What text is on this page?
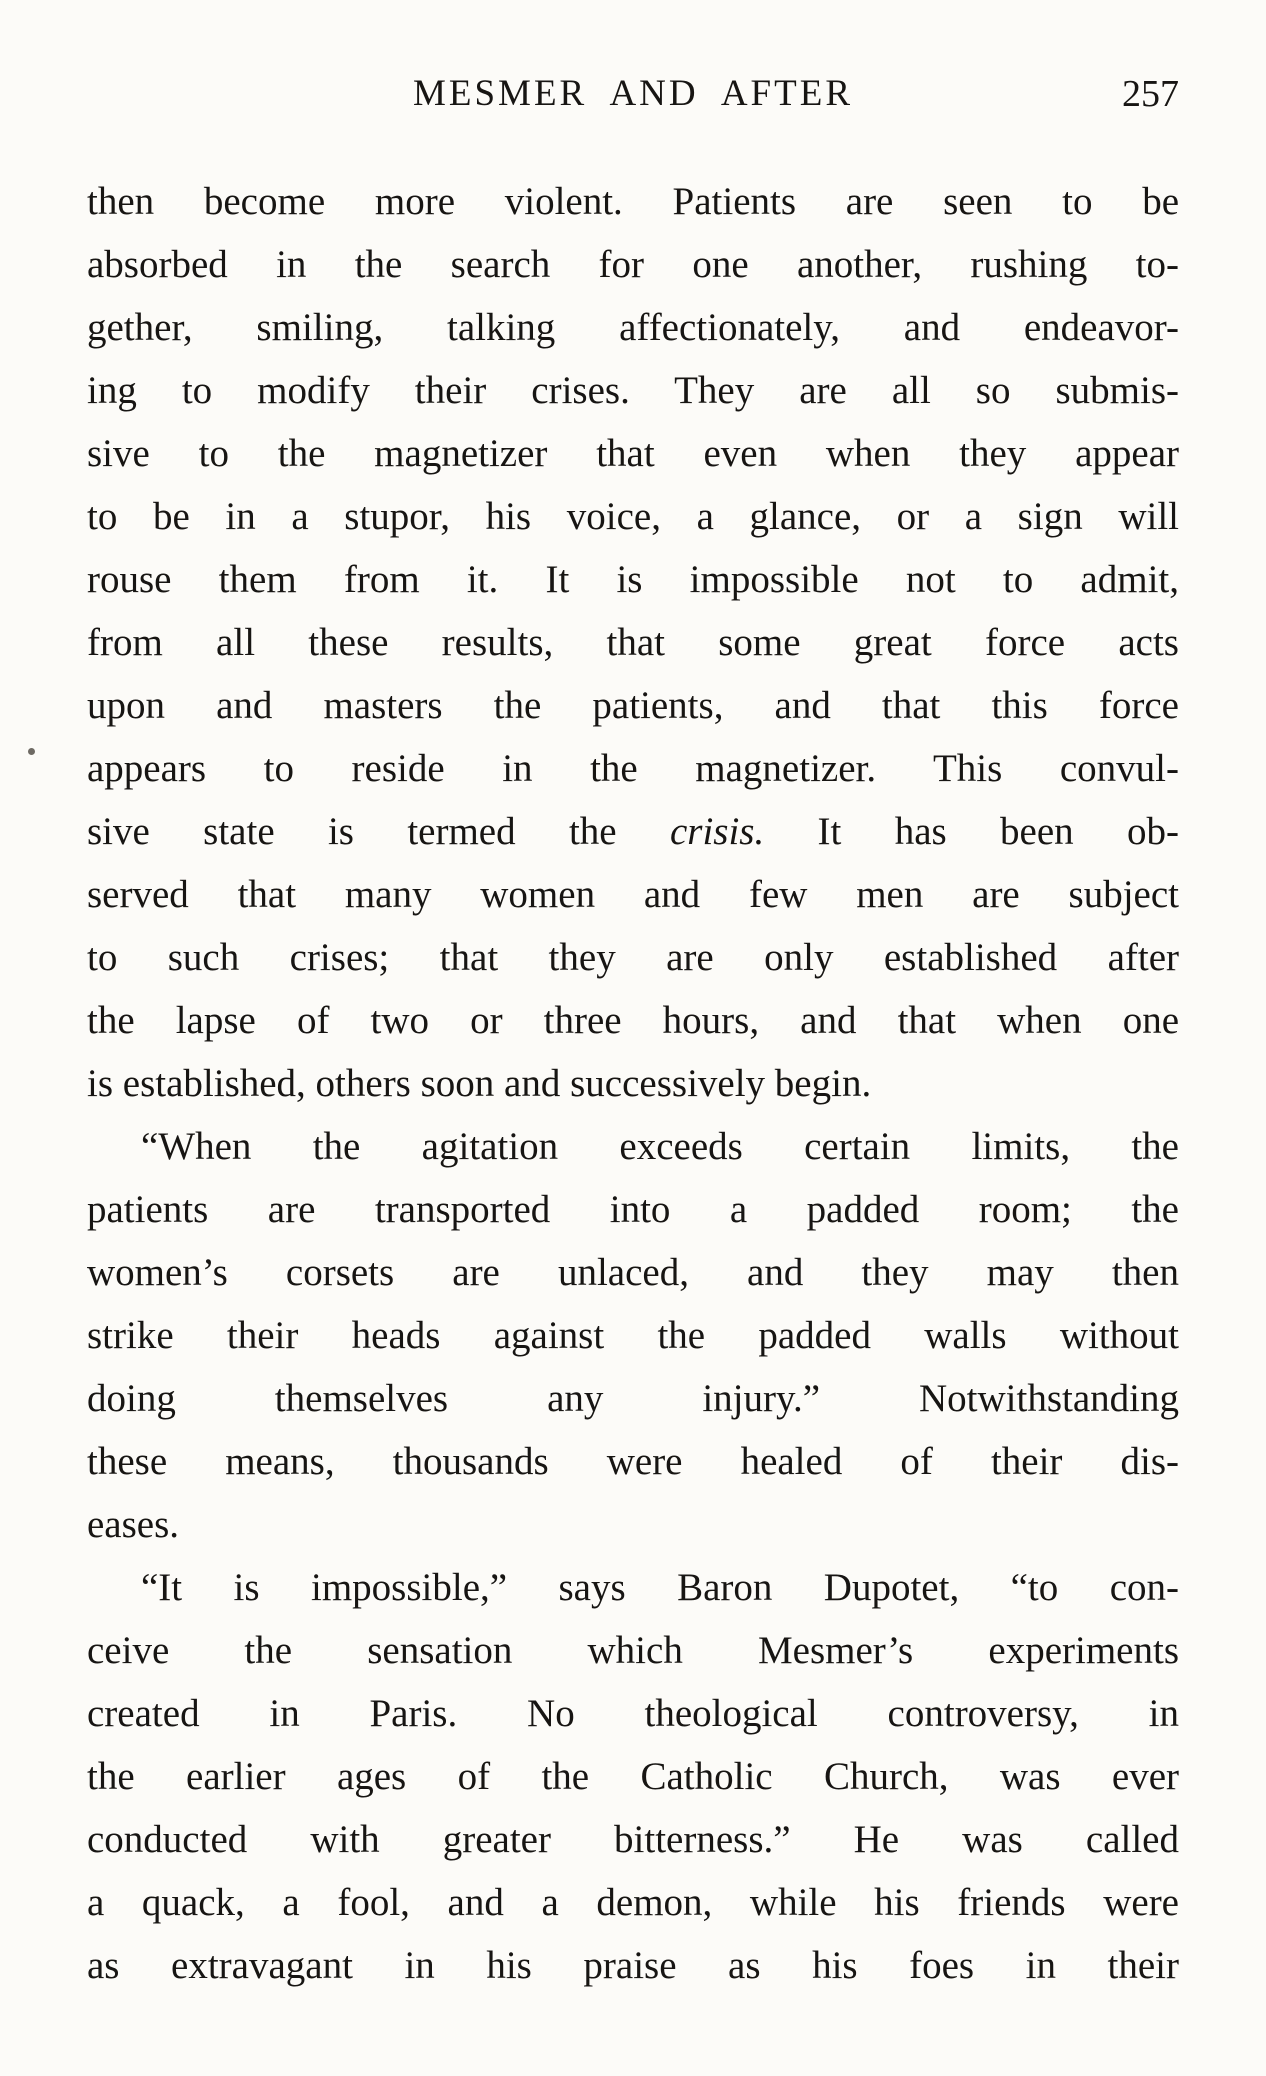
MESMER AND AFTER	257
then become more violent. Patients are seen to be
absorbed in the search for one another, rushing to-
gether, smiling, talking affectionately, and endeavor-
ing to modify their crises. They are all so submis-
sive to the magnetizer that even when they appear
to be in a stupor, his voice, a glance, or a sign will
rouse them from it. It is impossible not to admit,
from all these results, that some great force acts
upon and masters the patients, and that this force
appears to reside in the magnetizer. This convul-
sive state is termed the crisis. It has been ob-
served that many women and few men are subject
to such crises; that they are only established after
the lapse of two or three hours, and that when one
is established, others soon and successively begin.
“When the agitation exceeds certain limits, the
patients are transported into a padded room; the
women’s corsets are unlaced, and they may then
strike their heads against the padded walls without
doing themselves any injury.” Notwithstanding
these means, thousands were healed of their dis-
eases.
“It is impossible,” says Baron Dupotet, “to con-
ceive the sensation which Mesmer’s experiments
created in Paris. No theological controversy, in
the earlier ages of the Catholic Church, was ever
conducted with greater bitterness.” He was called
a quack, a fool, and a demon, while his friends were
as extravagant in his praise as his foes in their
